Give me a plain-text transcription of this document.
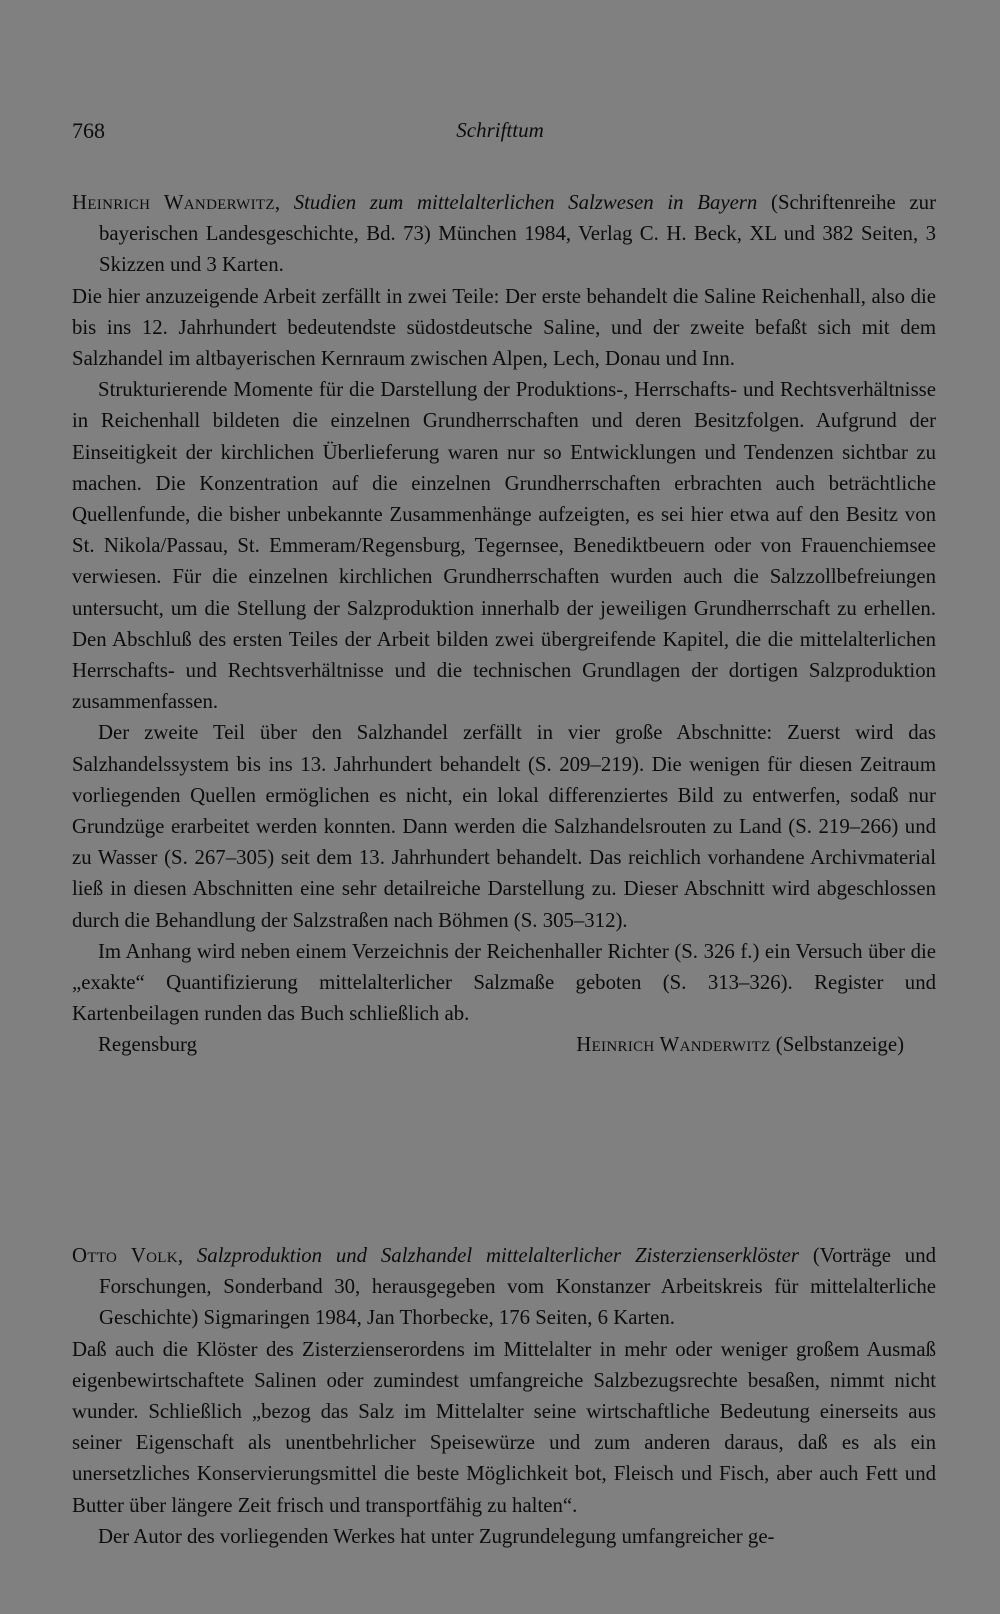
768	Schrifttum

Heinrich Wanderwitz, Studien zum mittelalterlichen Salzwesen in Bayern (Schriftenreihe zur bayerischen Landesgeschichte, Bd. 73) München 1984, Verlag C. H. Beck, XL und 382 Seiten, 3 Skizzen und 3 Karten.

Die hier anzuzeigende Arbeit zerfällt in zwei Teile: Der erste behandelt die Saline Reichenhall, also die bis ins 12. Jahrhundert bedeutendste südostdeutsche Saline, und der zweite befaßt sich mit dem Salzhandel im altbayerischen Kernraum zwischen Alpen, Lech, Donau und Inn.

Strukturierende Momente für die Darstellung der Produktions-, Herrschafts- und Rechtsverhältnisse in Reichenhall bildeten die einzelnen Grundherrschaften und deren Besitzfolgen. Aufgrund der Einseitigkeit der kirchlichen Überlieferung waren nur so Entwicklungen und Tendenzen sichtbar zu machen. Die Konzentration auf die einzelnen Grundherrschaften erbrachten auch beträchtliche Quellenfunde, die bisher unbekannte Zusammenhänge aufzeigten, es sei hier etwa auf den Besitz von St. Nikola/Passau, St. Emmeram/Regensburg, Tegernsee, Benediktbeuern oder von Frauenchiemsee verwiesen. Für die einzelnen kirchlichen Grundherrschaften wurden auch die Salzzollbefreiungen untersucht, um die Stellung der Salzproduktion innerhalb der jeweiligen Grundherrschaft zu erhellen. Den Abschluß des ersten Teiles der Arbeit bilden zwei übergreifende Kapitel, die die mittelalterlichen Herrschafts- und Rechtsverhältnisse und die technischen Grundlagen der dortigen Salzproduktion zusammenfassen.

Der zweite Teil über den Salzhandel zerfällt in vier große Abschnitte: Zuerst wird das Salzhandelssystem bis ins 13. Jahrhundert behandelt (S. 209–219). Die wenigen für diesen Zeitraum vorliegenden Quellen ermöglichen es nicht, ein lokal differenziertes Bild zu entwerfen, sodaß nur Grundzüge erarbeitet werden konnten. Dann werden die Salzhandelsrouten zu Land (S. 219–266) und zu Wasser (S. 267–305) seit dem 13. Jahrhundert behandelt. Das reichlich vorhandene Archivmaterial ließ in diesen Abschnitten eine sehr detailreiche Darstellung zu. Dieser Abschnitt wird abgeschlossen durch die Behandlung der Salzstraßen nach Böhmen (S. 305–312).

Im Anhang wird neben einem Verzeichnis der Reichenhaller Richter (S. 326 f.) ein Versuch über die „exakte“ Quantifizierung mittelalterlicher Salzmaße geboten (S. 313–326). Register und Kartenbeilagen runden das Buch schließlich ab.

Regensburg	Heinrich Wanderwitz (Selbstanzeige)

Otto Volk, Salzproduktion und Salzhandel mittelalterlicher Zisterzienserklöster (Vorträge und Forschungen, Sonderband 30, herausgegeben vom Konstanzer Arbeitskreis für mittelalterliche Geschichte) Sigmaringen 1984, Jan Thorbecke, 176 Seiten, 6 Karten.

Daß auch die Klöster des Zisterzienserordens im Mittelalter in mehr oder weniger großem Ausmaß eigenbewirtschaftete Salinen oder zumindest umfangreiche Salzbezugsrechte besaßen, nimmt nicht wunder. Schließlich „bezog das Salz im Mittelalter seine wirtschaftliche Bedeutung einerseits aus seiner Eigenschaft als unentbehrlicher Speisewürze und zum anderen daraus, daß es als ein unersetzliches Konservierungsmittel die beste Möglichkeit bot, Fleisch und Fisch, aber auch Fett und Butter über längere Zeit frisch und transportfähig zu halten“.

Der Autor des vorliegenden Werkes hat unter Zugrundelegung umfangreicher ge-
